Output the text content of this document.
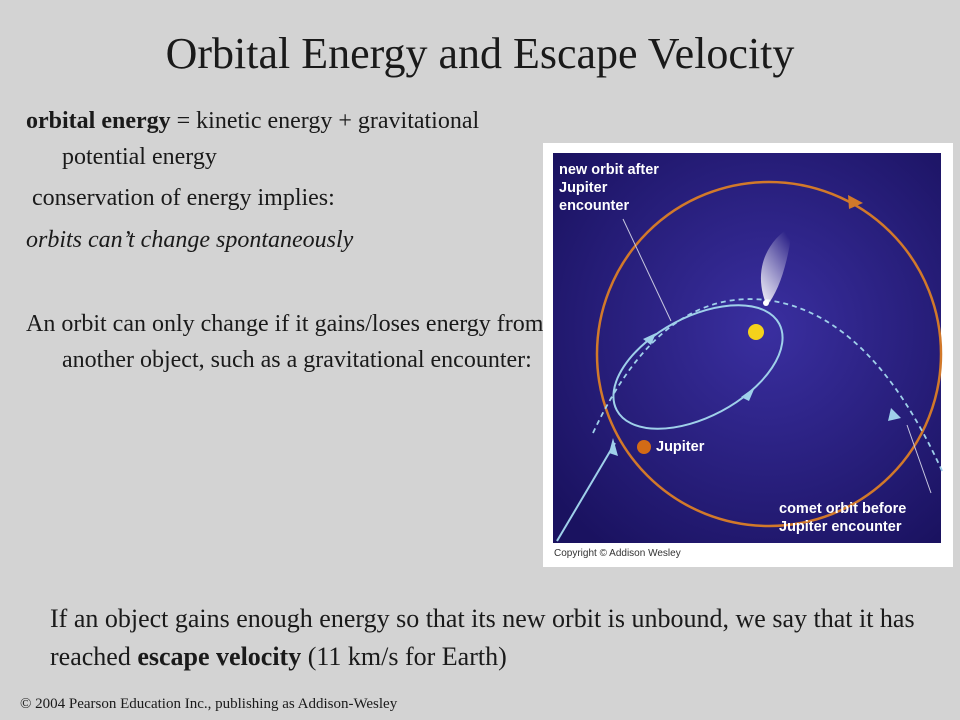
Orbital Energy and Escape Velocity
orbital energy = kinetic energy + gravitational potential energy
conservation of energy implies:
orbits can’t change spontaneously
An orbit can only change if it gains/loses energy from another object, such as a gravitational encounter:
new orbit after
Jupiter
encounter
Jupiter
comet orbit before
Jupiter encounter
Copyright © Addison Wesley
If an object gains enough energy so that its new orbit is unbound, we say that it has reached escape velocity (11 km/s for Earth)
© 2004 Pearson Education Inc., publishing as Addison-Wesley
